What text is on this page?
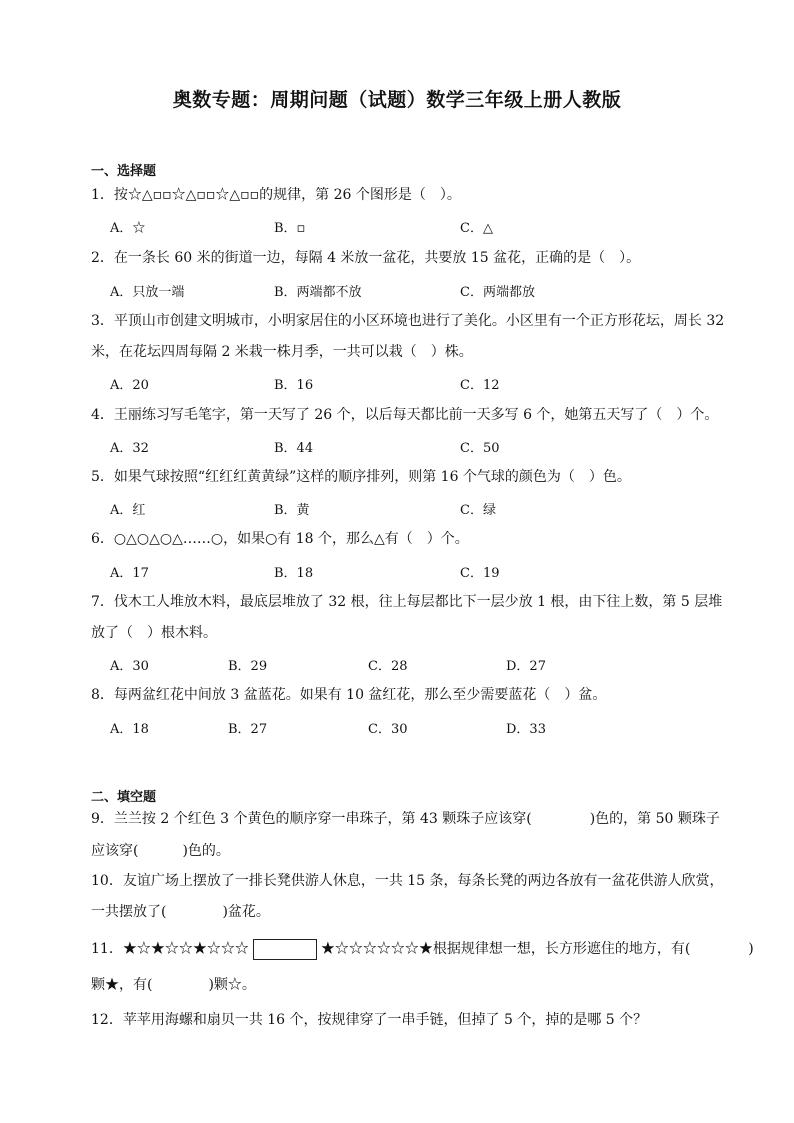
奥数专题：周期问题（试题）数学三年级上册人教版
一、选择题
1．按☆△▫▫☆△▫▫☆△▫▫的规律，第 26 个图形是（　）。
A．☆	B．▫	C．△
2．在一条长 60 米的街道一边，每隔 4 米放一盆花，共要放 15 盆花，正确的是（　）。
A．只放一端	B．两端都不放	C．两端都放
3．平顶山市创建文明城市，小明家居住的小区环境也进行了美化。小区里有一个正方形花坛，周长 32
米，在花坛四周每隔 2 米栽一株月季，一共可以栽（　）株。
A．20	B．16	C．12
4．王丽练习写毛笔字，第一天写了 26 个，以后每天都比前一天多写 6 个，她第五天写了（　）个。
A．32	B．44	C．50
5．如果气球按照“红红红黄黄绿”这样的顺序排列，则第 16 个气球的颜色为（　）色。
A．红	B．黄	C．绿
6．○△○△○△……○，如果○有 18 个，那么△有（　）个。
A．17	B．18	C．19
7．伐木工人堆放木料，最底层堆放了 32 根，往上每层都比下一层少放 1 根，由下往上数，第 5 层堆
放了（　）根木料。
A．30	B．29	C．28	D．27
8．每两盆红花中间放 3 盆蓝花。如果有 10 盆红花，那么至少需要蓝花（　）盆。
A．18	B．27	C．30	D．33
二、填空题
9．兰兰按 2 个红色 3 个黄色的顺序穿一串珠子，第 43 颗珠子应该穿(	)色的，第 50 颗珠子
应该穿(	)色的。
10．友谊广场上摆放了一排长凳供游人休息，一共 15 条，每条长凳的两边各放有一盆花供游人欣赏，
一共摆放了(	)盆花。
11．★☆★☆☆★☆☆☆	★☆☆☆☆☆☆★根据规律想一想，长方形遮住的地方，有(	)
颗★，有(	)颗☆。
12．苹苹用海螺和扇贝一共 16 个，按规律穿了一串手链，但掉了 5 个，掉的是哪 5 个？
